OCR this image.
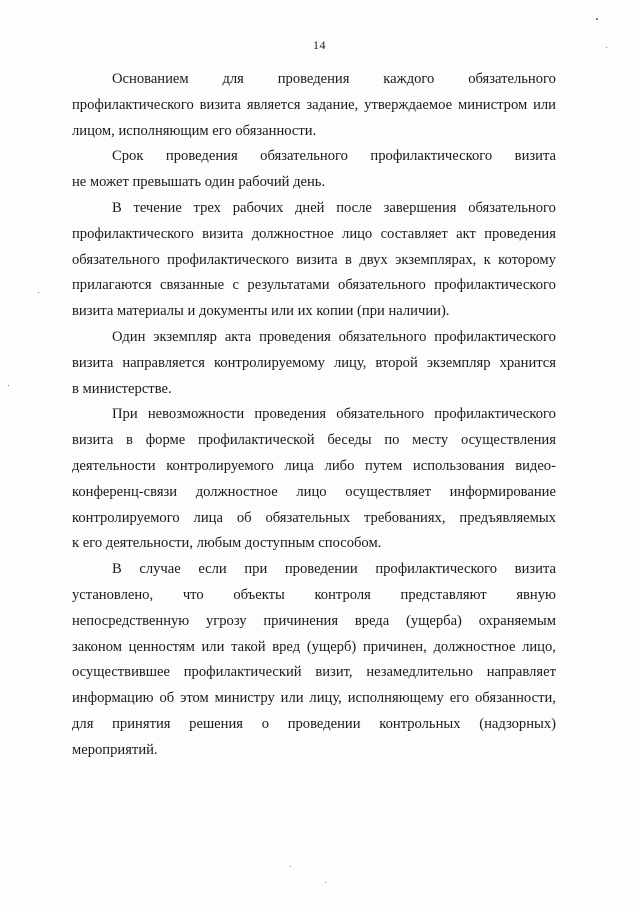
14
Основанием для проведения каждого обязательного
профилактического визита является задание, утверждаемое министром или
лицом, исполняющим его обязанности.
Срок проведения обязательного профилактического визита
не может превышать один рабочий день.
В течение трех рабочих дней после завершения обязательного
профилактического визита должностное лицо составляет акт проведения
обязательного профилактического визита в двух экземплярах, к которому
прилагаются связанные с результатами обязательного профилактического
визита материалы и документы или их копии (при наличии).
Один экземпляр акта проведения обязательного профилактического
визита направляется контролируемому лицу, второй экземпляр хранится
в министерстве.
При невозможности проведения обязательного профилактического
визита в форме профилактической беседы по месту осуществления
деятельности контролируемого лица либо путем использования видео-
конференц-связи должностное лицо осуществляет информирование
контролируемого лица об обязательных требованиях, предъявляемых
к его деятельности, любым доступным способом.
В случае если при проведении профилактического визита
установлено, что объекты контроля представляют явную
непосредственную угрозу причинения вреда (ущерба) охраняемым
законом ценностям или такой вред (ущерб) причинен, должностное лицо,
осуществившее профилактический визит, незамедлительно направляет
информацию об этом министру или лицу, исполняющему его обязанности,
для принятия решения о проведении контрольных (надзорных)
мероприятий.
